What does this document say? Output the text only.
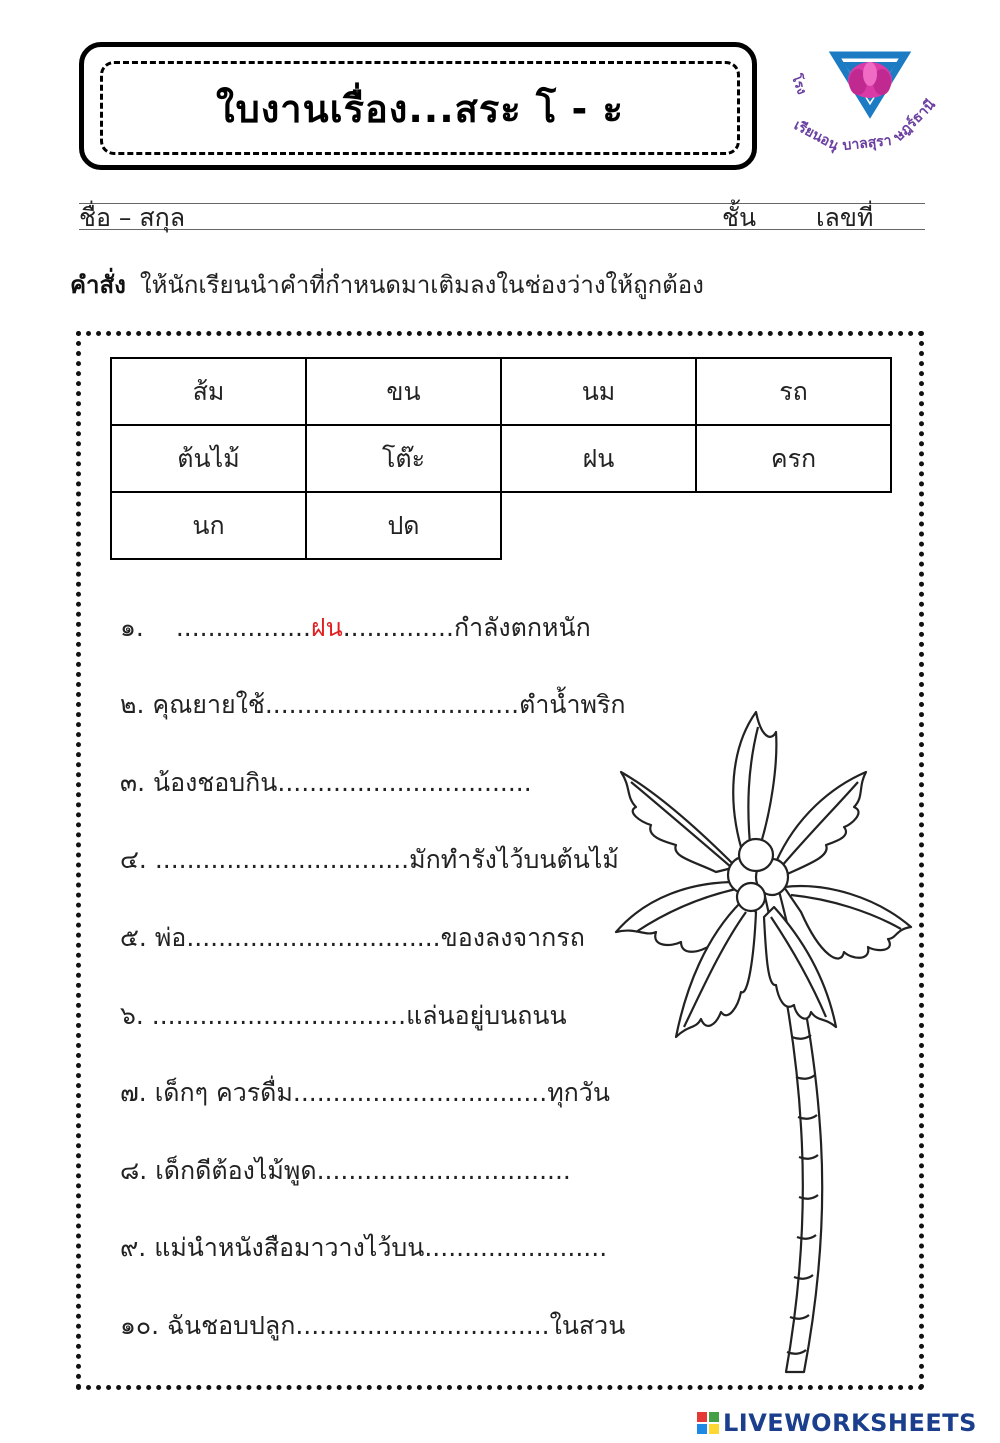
ใบงานเรื่อง...สระ โ - ะ
โรง
เรียนอนุ บาลสุรา
ษฎร์ธานี
ชื่อ – สกุล	ชั้น เลขที่
คำสั่ง ให้นักเรียนนำคำที่กำหนดมาเติมลงในช่องว่างให้ถูกต้อง
ส้ม	ขน	นม	รถ
ต้นไม้	โต๊ะ	ฝน	ครก
นก	ปด		
๑. .................ฝน..............กำลังตกหนัก
๒. คุณยายใช้................................ตำน้ำพริก
๓. น้องชอบกิน................................
๔. ................................มักทำรังไว้บนต้นไม้
๕. พ่อ................................ของลงจากรถ
๖. ................................แล่นอยู่บนถนน
๗. เด็กๆ ควรดื่ม................................ทุกวัน
๘. เด็กดีต้องไม้พูด................................
๙. แม่นำหนังสือมาวางไว้บน.......................
๑๐. ฉันชอบปลูก................................ในสวน
LIVEWORKSHEETS
